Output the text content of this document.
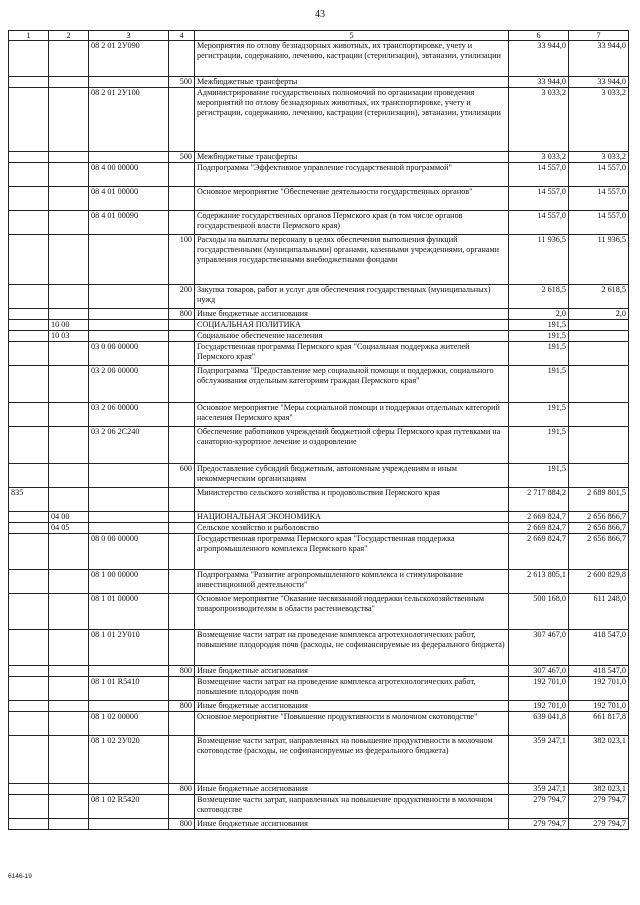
43
1	2	3	4	5	6	7
		08 2 01 2У090		Мероприятия по отлову безнадзорных животных, их транспортировке, учету и регистрации, содержанию, лечению, кастрации (стерилизации), эвтаназии, утилизации	33 944,0	33 944,0
			500	Межбюджетные трансферты	33 944,0	33 944,0
		08 2 01 2У100		Администрирование государственных полномочий по организации проведения мероприятий по отлову безнадзорных животных, их транспортировке, учету и регистрации, содержанию, лечению, кастрации (стерилизации), эвтаназии, утилизации	3 033,2	3 033,2
			500	Межбюджетные трансферты	3 033,2	3 033,2
		08 4 00 00000		Подпрограмма "Эффективное управление государственной программой"	14 557,0	14 557,0
		08 4 01 00000		Основное мероприятие "Обеспечение деятельности государственных органов"	14 557,0	14 557,0
		08 4 01 00090		Содержание государственных органов Пермского края (в том числе органов государственной власти Пермского края)	14 557,0	14 557,0
			100	Расходы на выплаты персоналу в целях обеспечения выполнения функций государственными (муниципальными) органами, казенными учреждениями, органами управления государственными внебюджетными фондами	11 936,5	11 936,5
			200	Закупка товаров, работ и услуг для обеспечения государственных (муниципальных) нужд	2 618,5	2 618,5
			800	Иные бюджетные ассигнования	2,0	2,0
	10 00			СОЦИАЛЬНАЯ ПОЛИТИКА	191,5	
	10 03			Социальное обеспечение населения	191,5	
		03 0 00 00000		Государственная программа Пермского края "Социальная поддержка жителей Пермского края"	191,5	
		03 2 00 00000		Подпрограмма "Предоставление мер социальной помощи и поддержки, социального обслуживания отдельным категориям граждан Пермского края"	191,5	
		03 2 06 00000		Основное мероприятие "Меры социальной помощи и поддержки отдельных категорий населения Пермского края"	191,5	
		03 2 06 2С240		Обеспечение работников учреждений бюджетной сферы Пермского края путевками на санаторно-курортное лечение и оздоровление	191,5	
			600	Предоставление субсидий бюджетным, автономным учреждениям и иным некоммерческим организациям	191,5	
835				Министерство сельского хозяйства и продовольствия Пермского края	2 717 884,2	2 689 801,5
	04 00			НАЦИОНАЛЬНАЯ ЭКОНОМИКА	2 669 824,7	2 656 866,7
	04 05			Сельское хозяйство и рыболовство	2 669 824,7	2 656 866,7
		08 0 00 00000		Государственная программа Пермского края "Государственная поддержка агропромышленного комплекса Пермского края"	2 669 824,7	2 656 866,7
		08 1 00 00000		Подпрограмма "Развитие агропромышленного комплекса и стимулирование инвестиционной деятельности"	2 613 805,1	2 600 829,8
		08 1 01 00000		Основное мероприятие "Оказание несвязанной поддержки сельскохозяйственным товаропроизводителям в области растениеводства"	500 168,0	611 248,0
		08 1 01 2У010		Возмещение части затрат на проведение комплекса агротехнологических работ, повышение плодородия почв (расходы, не софинансируемые из федерального бюджета)	307 467,0	418 547,0
			800	Иные бюджетные ассигнования	307 467,0	418 547,0
		08 1 01 R5410		Возмещение части затрат на проведение комплекса агротехнологических работ, повышение плодородия почв	192 701,0	192 701,0
			800	Иные бюджетные ассигнования	192 701,0	192 701,0
		08 1 02 00000		Основное мероприятие "Повышение продуктивности в молочном скотоводстве"	639 041,8	661 817,8
		08 1 02 2У020		Возмещение части затрат, направленных на повышение продуктивности в молочном скотоводстве (расходы, не софинансируемые из федерального бюджета)	359 247,1	382 023,1
			800	Иные бюджетные ассигнования	359 247,1	382 023,1
		08 1 02 R5420		Возмещение части затрат, направленных на повышение продуктивности в молочном скотоводстве	279 794,7	279 794,7
			800	Иные бюджетные ассигнования	279 794,7	279 794,7
6146-19
